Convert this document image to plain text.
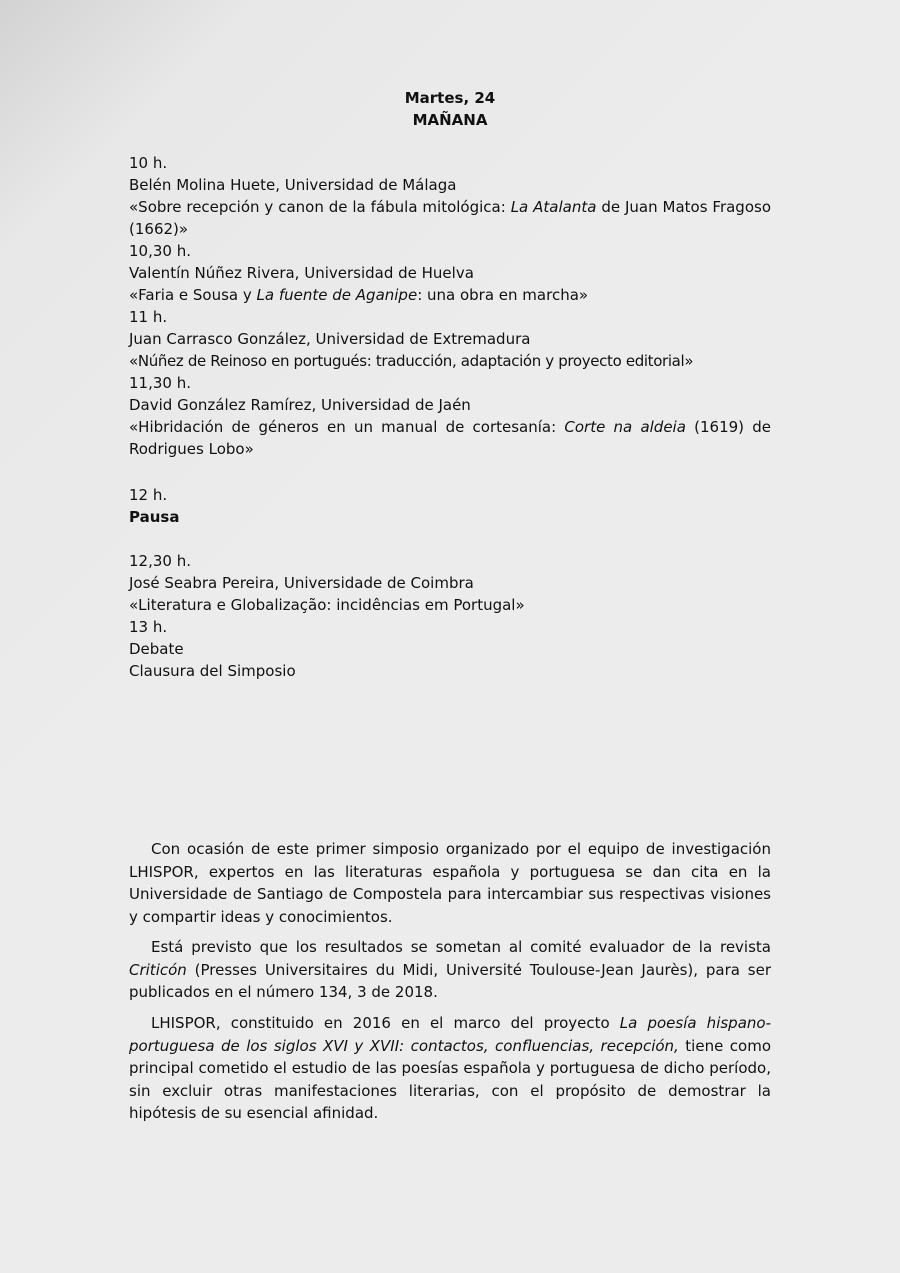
Martes, 24
MAÑANA
10 h.
Belén Molina Huete, Universidad de Málaga
«Sobre recepción y canon de la fábula mitológica: La Atalanta de Juan Matos Fragoso (1662)»
10,30 h.
Valentín Núñez Rivera, Universidad de Huelva
«Faria e Sousa y La fuente de Aganipe: una obra en marcha»
11 h.
Juan Carrasco González, Universidad de Extremadura
«Núñez de Reinoso en portugués: traducción, adaptación y proyecto editorial»
11,30 h.
David González Ramírez, Universidad de Jaén
«Hibridación de géneros en un manual de cortesanía: Corte na aldeia (1619) de Rodrigues Lobo»
12 h.
Pausa
12,30 h.
José Seabra Pereira, Universidade de Coimbra
«Literatura e Globalização: incidências em Portugal»
13 h.
Debate
Clausura del Simposio
Con ocasión de este primer simposio organizado por el equipo de investigación LHISPOR, expertos en las literaturas española y portuguesa se dan cita en la Universidade de Santiago de Compostela para intercambiar sus respectivas visiones y compartir ideas y conocimientos.
Está previsto que los resultados se sometan al comité evaluador de la revista Criticón (Presses Universitaires du Midi, Université Toulouse-Jean Jaurès), para ser publicados en el número 134, 3 de 2018.
LHISPOR, constituido en 2016 en el marco del proyecto La poesía hispano-portuguesa de los siglos XVI y XVII: contactos, confluencias, recepción, tiene como principal cometido el estudio de las poesías española y portuguesa de dicho período, sin excluir otras manifestaciones literarias, con el propósito de demostrar la hipótesis de su esencial afinidad.
